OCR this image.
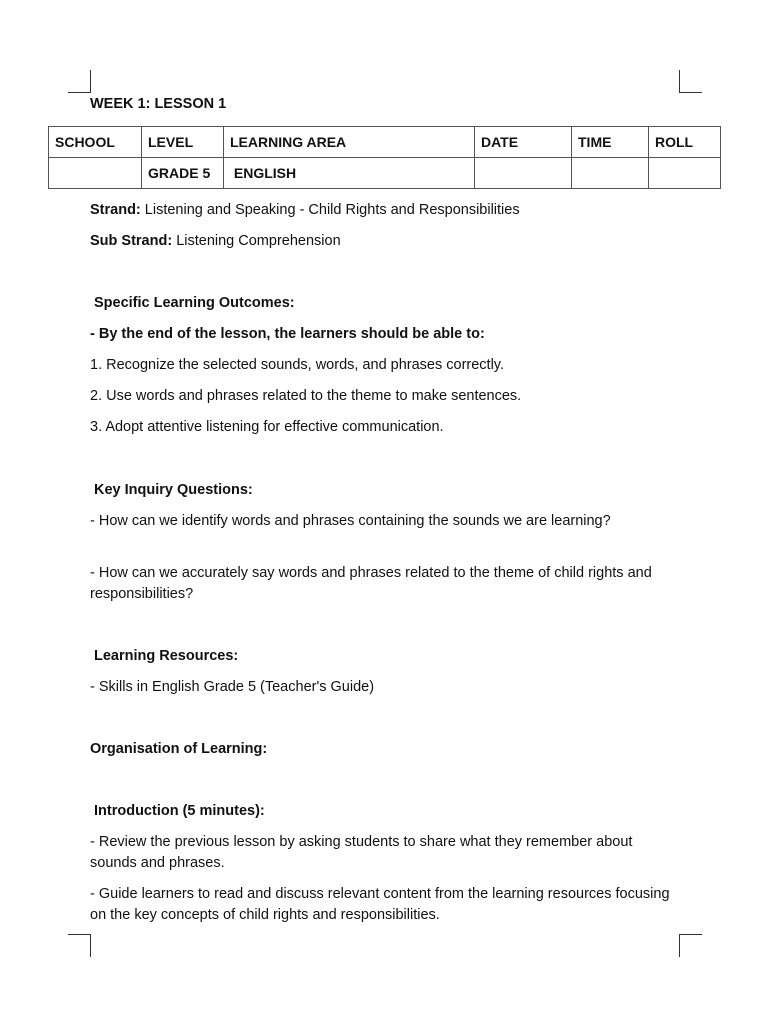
WEEK 1: LESSON 1
SCHOOL	LEVEL	LEARNING AREA	DATE	TIME	ROLL
	GRADE 5	ENGLISH			
Strand: Listening and Speaking - Child Rights and Responsibilities
Sub Strand: Listening Comprehension
Specific Learning Outcomes:
- By the end of the lesson, the learners should be able to:
1. Recognize the selected sounds, words, and phrases correctly.
2. Use words and phrases related to the theme to make sentences.
3. Adopt attentive listening for effective communication.
Key Inquiry Questions:
- How can we identify words and phrases containing the sounds we are learning?
- How can we accurately say words and phrases related to the theme of child rights and responsibilities?
Learning Resources:
- Skills in English Grade 5 (Teacher's Guide)
Organisation of Learning:
Introduction (5 minutes):
- Review the previous lesson by asking students to share what they remember about sounds and phrases.
- Guide learners to read and discuss relevant content from the learning resources focusing on the key concepts of child rights and responsibilities.
